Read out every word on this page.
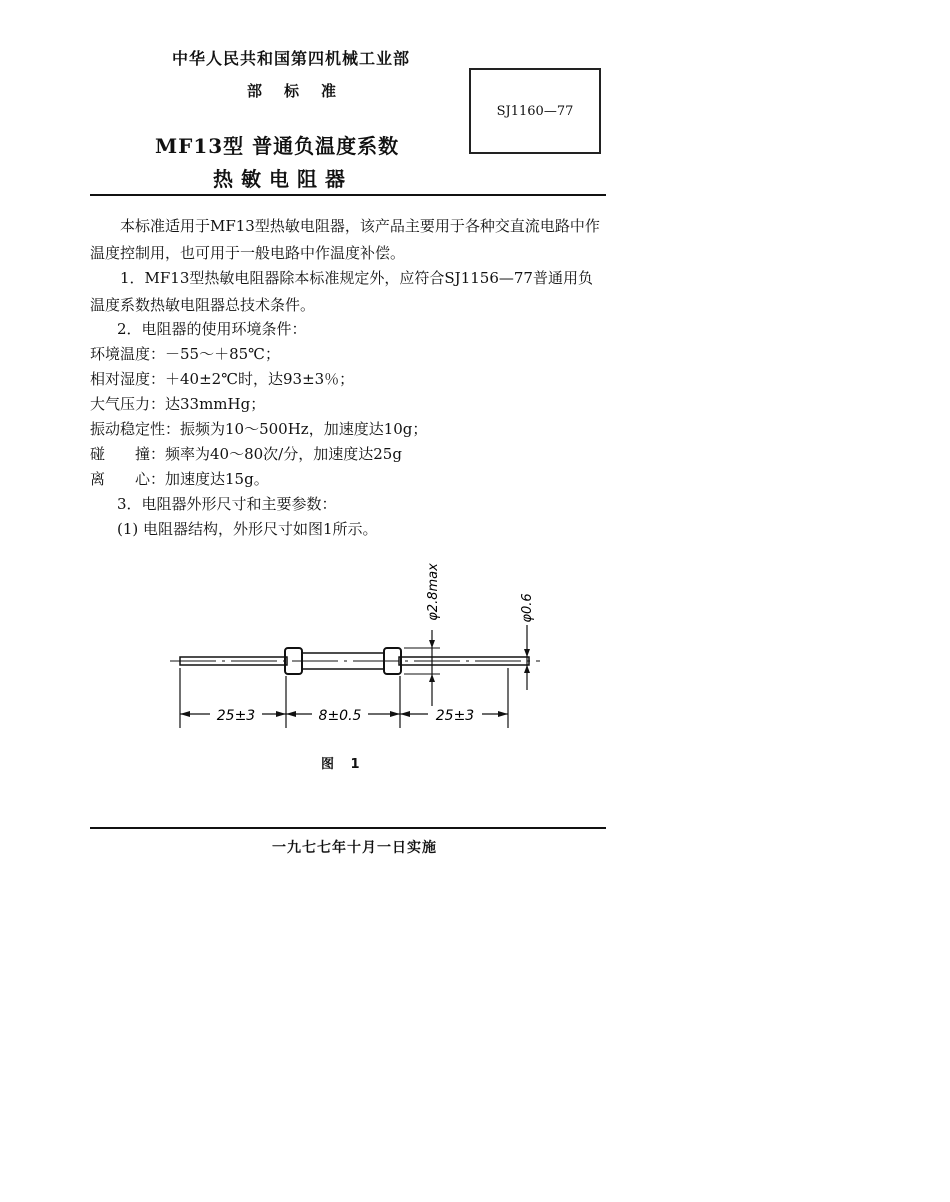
中华人民共和国第四机械工业部
部标准
SJ1160—77
MF13型 普通负温度系数
热敏电阻器
本标准适用于MF13型热敏电阻器，该产品主要用于各种交直流电路中作温度控制用，也可用于一般电路中作温度补偿。
1．MF13型热敏电阻器除本标准规定外，应符合SJ1156—77普通用负温度系数热敏电阻器总技术条件。
2．电阻器的使用环境条件：
环境温度：－55～＋85℃；
相对湿度：＋40±2℃时，达93±3％；
大气压力：达33mmHg；
振动稳定性：振频为10～500Hz，加速度达10g；
碰　　撞：频率为40～80次/分，加速度达25g
离　　心：加速度达15g。
3．电阻器外形尺寸和主要参数：
(1) 电阻器结构，外形尺寸如图1所示。
25±3	8±0.5	25±3
φ2.8max	φ0.6
图 1
一九七七年十月一日实施
